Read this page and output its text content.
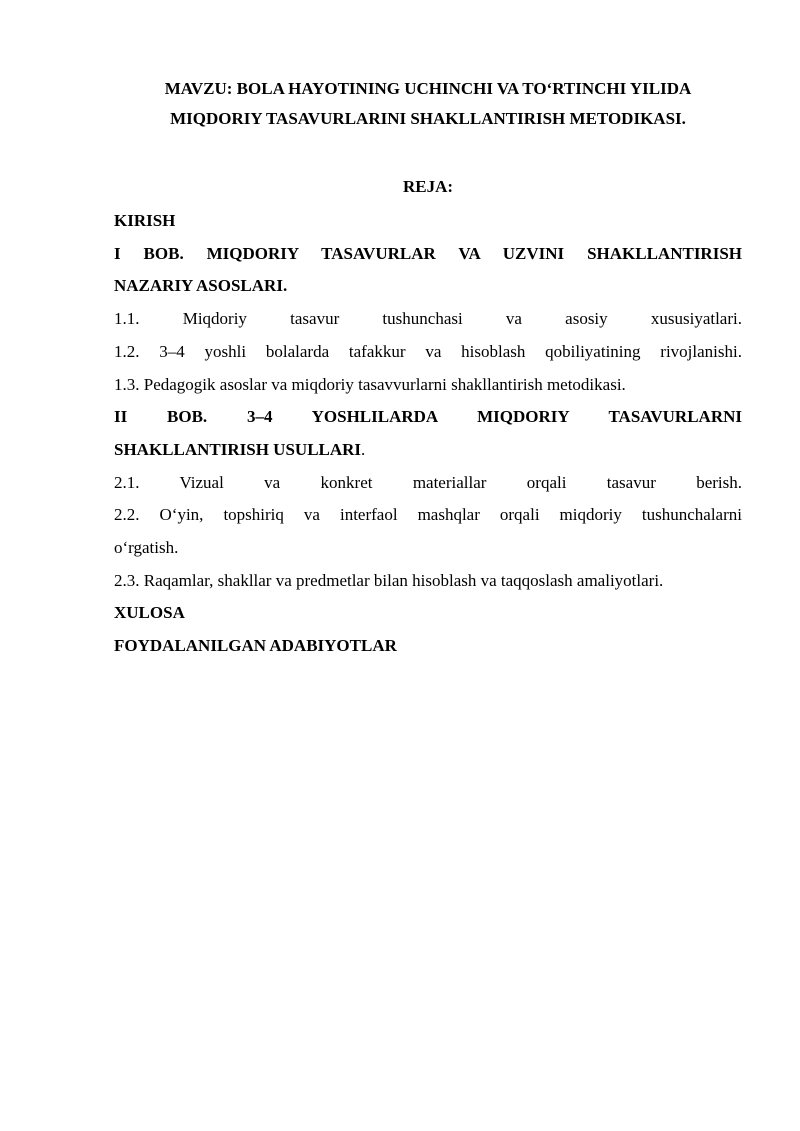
MAVZU: BOLA HAYOTINING UCHINCHI VA TO‘RTINCHI YILIDA
MIQDORIY TASAVURLARINI SHAKLLANTIRISH METODIKASI.
REJA:
KIRISH
I BOB. MIQDORIY TASAVURLAR VA UZVINI SHAKLLANTIRISH
NAZARIY ASOSLARI.
1.1. Miqdoriy tasavur tushunchasi va asosiy xususiyatlari.
1.2. 3–4 yoshli bolalarda tafakkur va hisoblash qobiliyatining rivojlanishi.
1.3. Pedagogik asoslar va miqdoriy tasavvurlarni shakllantirish metodikasi.
II BOB. 3–4 YOSHLILARDA MIQDORIY TASAVURLARNI
SHAKLLANTIRISH USULLARI.
2.1. Vizual va konkret materiallar orqali tasavur berish.
2.2. O‘yin, topshiriq va interfaol mashqlar orqali miqdoriy tushunchalarni
o‘rgatish.
2.3. Raqamlar, shakllar va predmetlar bilan hisoblash va taqqoslash amaliyotlari.
XULOSA
FOYDALANILGAN ADABIYOTLAR
